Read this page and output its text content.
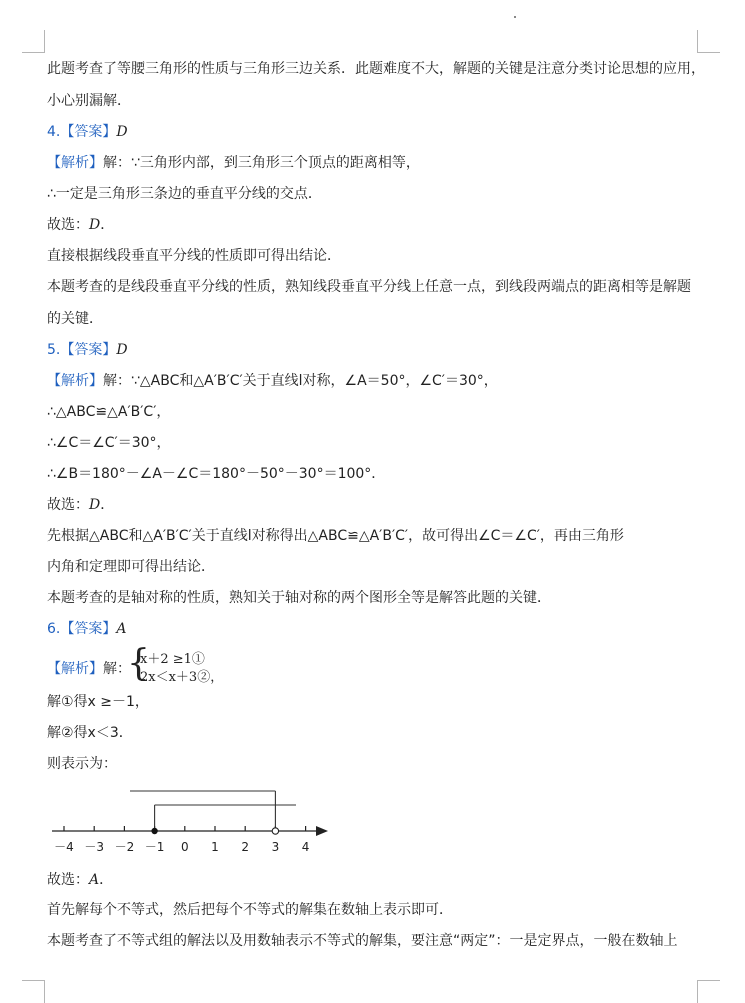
此题考查了等腰三角形的性质与三角形三边关系．此题难度不大，解题的关键是注意分类讨论思想的应用，
小心别漏解．
4.【答案】D
【解析】解：∵三角形内部，到三角形三个顶点的距离相等，
∴一定是三角形三条边的垂直平分线的交点．
故选：D．
直接根据线段垂直平分线的性质即可得出结论．
本题考查的是线段垂直平分线的性质，熟知线段垂直平分线上任意一点，到线段两端点的距离相等是解题
的关键．
5.【答案】D
【解析】解：∵△ABC和△A′B′C′关于直线l对称，∠A＝50°，∠C′＝30°，
∴△ABC≌△A′B′C′，
∴∠C＝∠C′＝30°，
∴∠B＝180°－∠A－∠C＝180°－50°－30°＝100°．
故选：D．
先根据△ABC和△A′B′C′关于直线l对称得出△ABC≌△A′B′C′，故可得出∠C＝∠C′，再由三角形
内角和定理即可得出结论．
本题考查的是轴对称的性质，熟知关于轴对称的两个图形全等是解答此题的关键．
6.【答案】A
【解析】解：
{
x＋2 ≥1①
2x＜x＋3②，
解①得x ≥－1，
解②得x＜3．
则表示为：
－4 －3 －2 －1 0 1 2 3 4
故选：A．
首先解每个不等式，然后把每个不等式的解集在数轴上表示即可．
本题考查了不等式组的解法以及用数轴表示不等式的解集，要注意“两定”：一是定界点，一般在数轴上
